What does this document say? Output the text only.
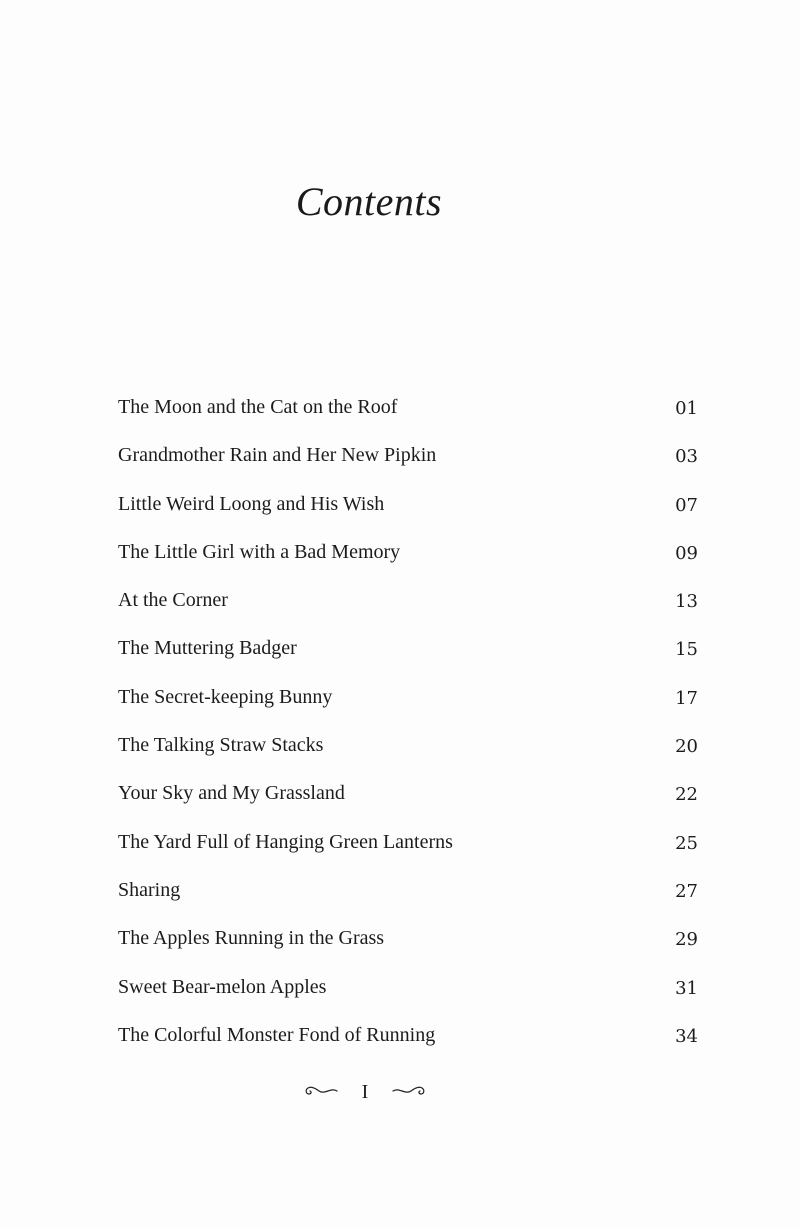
Contents
The Moon and the Cat on the Roof	01
Grandmother Rain and Her New Pipkin	03
Little Weird Loong and His Wish	07
The Little Girl with a Bad Memory	09
At the Corner	13
The Muttering Badger	15
The Secret-keeping Bunny	17
The Talking Straw Stacks	20
Your Sky and My Grassland	22
The Yard Full of Hanging Green Lanterns	25
Sharing	27
The Apples Running in the Grass	29
Sweet Bear-melon Apples	31
The Colorful Monster Fond of Running	34
I
